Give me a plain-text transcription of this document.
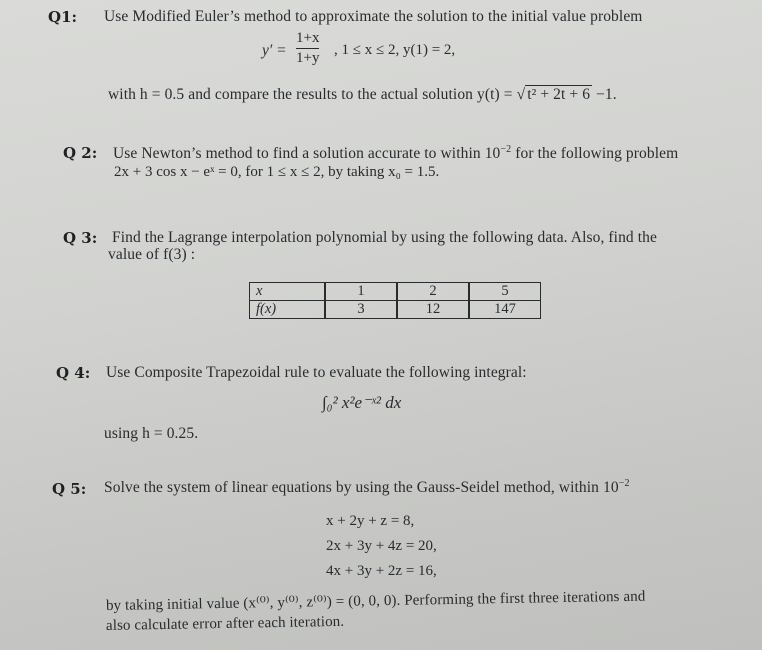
Q1: Use Modified Euler’s method to approximate the solution to the initial value problem
y′ =
1+x
1+y , 1 ≤ x ≤ 2, y(1) = 2,
with h = 0.5 and compare the results to the actual solution y(t) = √ t² + 2t + 6 −1.
Q 2: Use Newton’s method to find a solution accurate to within $10^{-2}$ for the following problem
2x + 3 cos x − eˣ = 0, for 1 ≤ x ≤ 2, by taking x₀ = 1.5.
Q 3: Find the Lagrange interpolation polynomial by using the following data. Also, find the
value of f(3) :
x	1	2	5
f(x)	3	12	147
Q 4: Use Composite Trapezoidal rule to evaluate the following integral:
∫₀² x²e⁻ˣ² dx
using h = 0.25.
Q 5: Solve the system of linear equations by using the Gauss-Seidel method, within $10^{-2}$
x + 2y + z = 8,
2x + 3y + 4z = 20,
4x + 3y + 2z = 16,
by taking initial value (x⁽⁰⁾, y⁽⁰⁾, z⁽⁰⁾) = (0, 0, 0). Performing the first three iterations and
also calculate error after each iteration.
